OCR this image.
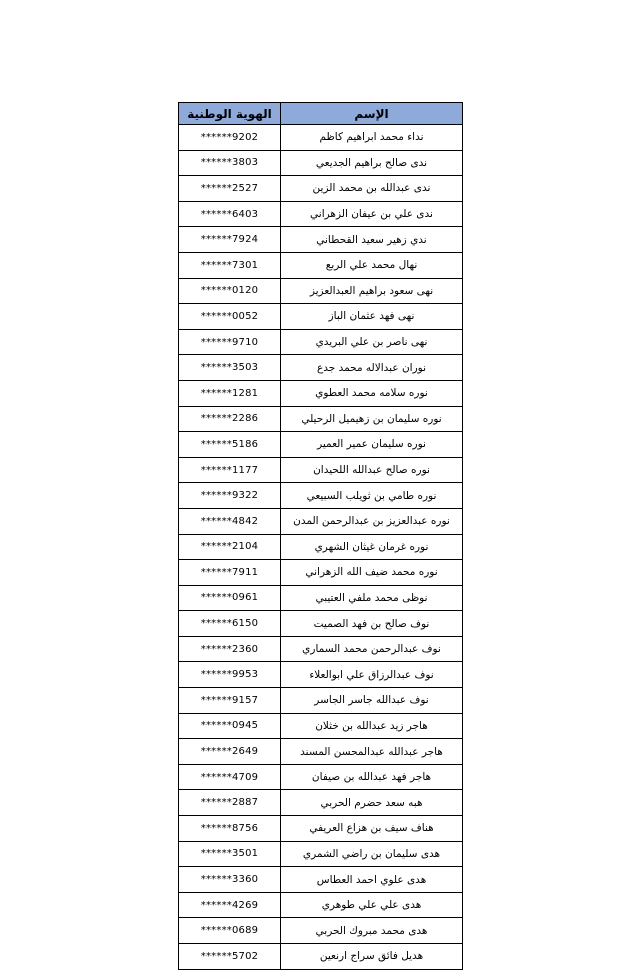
الهوية الوطنية	الإسم
******9202	نداء محمد ابراهيم كاظم
******3803	ندى صالح براهيم الجديعي
******2527	ندى عبدالله بن محمد الزين
******6403	ندى علي بن عيفان الزهراني
******7924	ندي زهير سعيد القحطاني
******7301	نهال محمد علي الربع
******0120	نهى سعود براهيم العبدالعزيز
******0052	نهى فهد عثمان الباز
******9710	نهى ناصر بن علي البريدي
******3503	نوران عبدالاله محمد جدع
******1281	نوره سلامه محمد العطوي
******2286	نوره سليمان بن زهيميل الرحيلي
******5186	نوره سليمان عمير العمير
******1177	نوره صالح عبدالله اللحيدان
******9322	نوره طامي بن ثويلب السبيعي
******4842	نوره عبدالعزيز بن عبدالرحمن المدن
******2104	نوره غرمان غيثان الشهري
******7911	نوره محمد ضيف الله الزهراني
******0961	نوظى محمد ملفي العتيبي
******6150	نوف صالح بن فهد الصميت
******2360	نوف عبدالرحمن محمد السماري
******9953	نوف عبدالرزاق علي ابوالعلاء
******9157	نوف عبدالله جاسر الجاسر
******0945	هاجر زيد عبدالله بن خثلان
******2649	هاجر عبدالله عبدالمحسن المسند
******4709	هاجر فهد عبدالله بن صيفان
******2887	هبه سعد حضرم الحربي
******8756	هناف سيف بن هزاع العريفي
******3501	هدى سليمان بن راضي الشمري
******3360	هدى علوي احمد العطاس
******4269	هدى علي علي طوهري
******0689	هدى محمد مبروك الحربي
******5702	هديل فائق سراج ارنعين
